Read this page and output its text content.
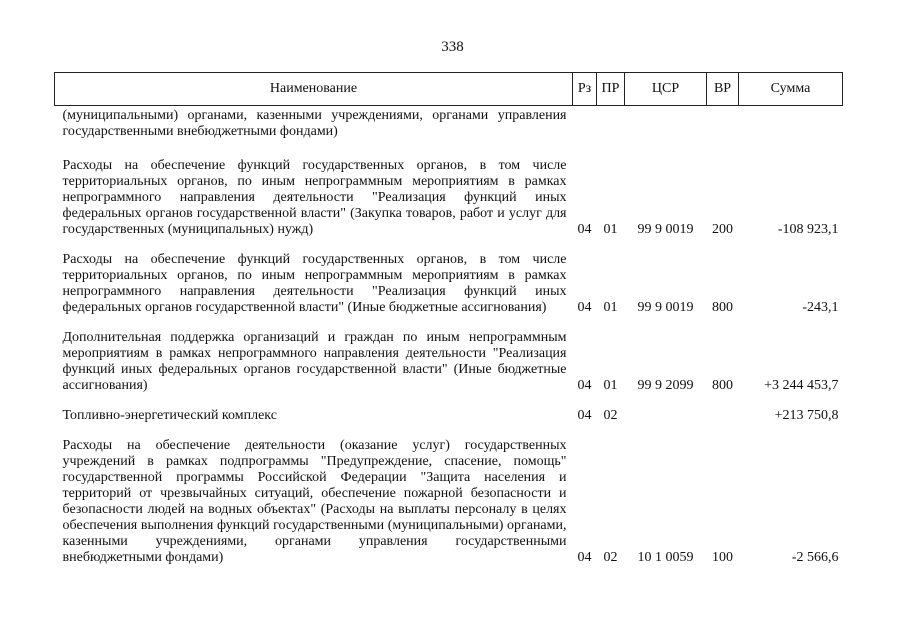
338
Наименование	Рз	ПР	ЦСР	ВР	Сумма
(муниципальными) органами, казенными учреждениями, органами управления государственными внебюджетными фондами)					
Расходы на обеспечение функций государственных органов, в том числе территориальных органов, по иным непрограммным мероприятиям в рамках непрограммного направления деятельности "Реализация функций иных федеральных органов государственной власти" (Закупка товаров, работ и услуг для государственных (муниципальных) нужд)	04	01	99 9 0019	200	-108 923,1
Расходы на обеспечение функций государственных органов, в том числе территориальных органов, по иным непрограммным мероприятиям в рамках непрограммного направления деятельности "Реализация функций иных федеральных органов государственной власти" (Иные бюджетные ассигнования)	04	01	99 9 0019	800	-243,1
Дополнительная поддержка организаций и граждан по иным непрограммным мероприятиям в рамках непрограммного направления деятельности "Реализация функций иных федеральных органов государственной власти" (Иные бюджетные ассигнования)	04	01	99 9 2099	800	+3 244 453,7
Топливно-энергетический комплекс	04	02			+213 750,8
Расходы на обеспечение деятельности (оказание услуг) государственных учреждений в рамках подпрограммы "Предупреждение, спасение, помощь" государственной программы Российской Федерации "Защита населения и территорий от чрезвычайных ситуаций, обеспечение пожарной безопасности и безопасности людей на водных объектах" (Расходы на выплаты персоналу в целях обеспечения выполнения функций государственными (муниципальными) органами, казенными учреждениями, органами управления государственными внебюджетными фондами)	04	02	10 1 0059	100	-2 566,6
